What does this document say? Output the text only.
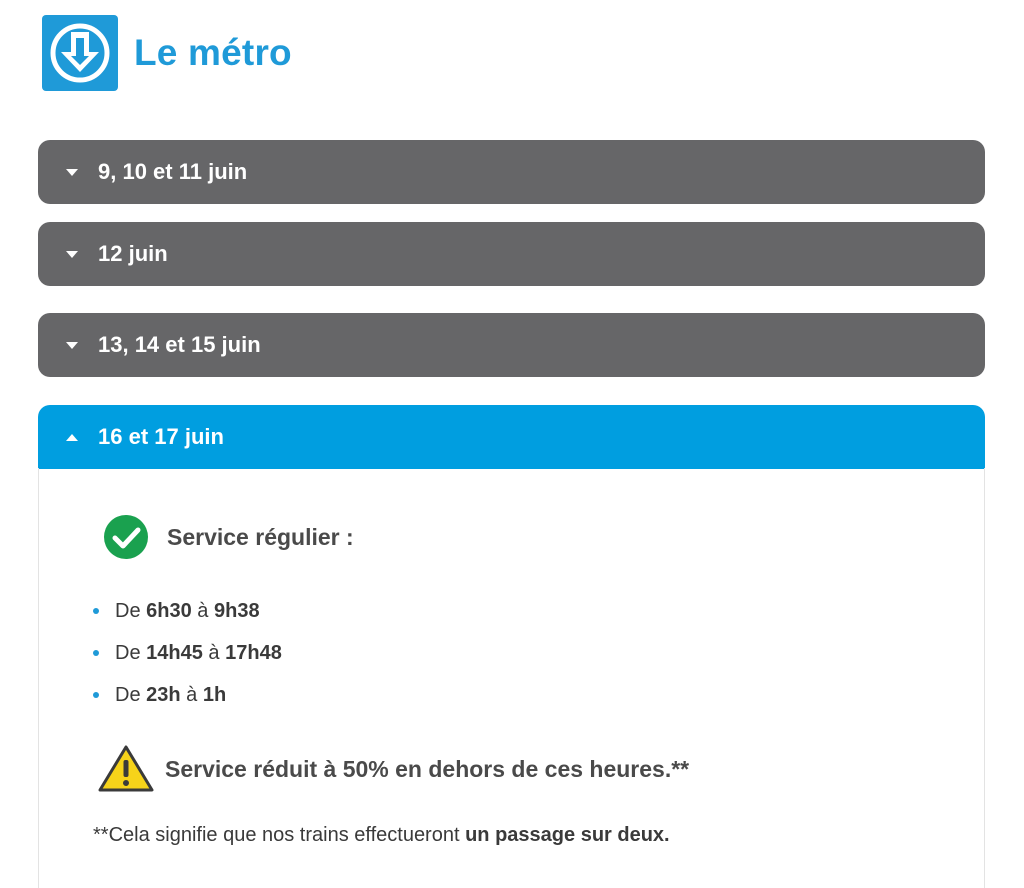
Le métro
9, 10 et 11 juin
12 juin
13, 14 et 15 juin
16 et 17 juin
Service régulier :
De
6h30
à
9h38
De
14h45
à
17h48
De
23h
à
1h
Service réduit à 50% en dehors de ces heures.**
**Cela signifie que nos trains effectueront un passage sur deux.
